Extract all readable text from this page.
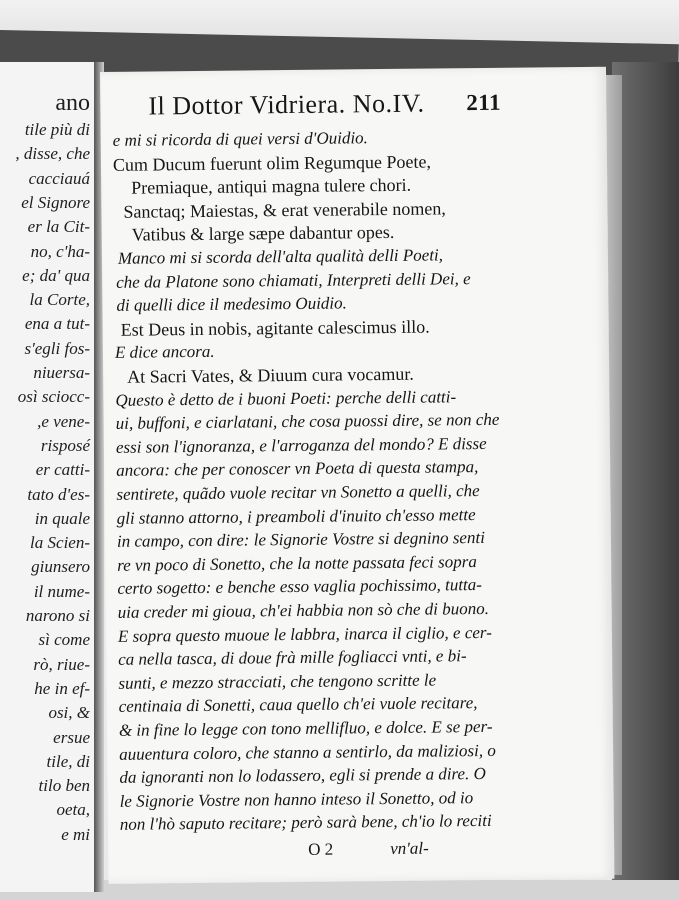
ano
tile più di
, disse, che
cacciauá
el Signore
er la Cit-
no, c'ha-
e; da' qua
la Corte,
ena a tut-
s'egli fos-
niuersa-
osì sciocc-
,e vene-
risposé
er catti-
tato d'es-
in quale
la Scien-
giunsero
il nume-
narono si
sì come
rò, riue-
he in ef-
osi, &
ersue
tile, di
tilo ben
oeta,
e mi
Il Dottor Vidriera. No.IV. 211
O 2	vn'al-
e mi si ricorda di quei versi d'Ouidio.
Cum Ducum fuerunt olim Regumque Poete,
Premiaque, antiqui magna tulere chori.
Sanctaq; Maiestas, & erat venerabile nomen,
Vatibus & large sæpe dabantur opes.
Manco mi si scorda dell'alta qualità delli Poeti,
che da Platone sono chiamati, Interpreti delli Dei, e
di quelli dice il medesimo Ouidio.
Est Deus in nobis, agitante calescimus illo.
E dice ancora.
At Sacri Vates, & Diuum cura vocamur.
Questo è detto de i buoni Poeti: perche delli catti-
ui, buffoni, e ciarlatani, che cosa puossi dire, se non che
essi son l'ignoranza, e l'arroganza del mondo? E disse
ancora: che per conoscer vn Poeta di questa stampa,
sentirete, quãdo vuole recitar vn Sonetto a quelli, che
gli stanno attorno, i preamboli d'inuito ch'esso mette
in campo, con dire: le Signorie Vostre si degnino senti
re vn poco di Sonetto, che la notte passata feci sopra
certo sogetto: e benche esso vaglia pochissimo, tutta-
uia creder mi gioua, ch'ei habbia non sò che di buono.
E sopra questo muoue le labbra, inarca il ciglio, e cer-
ca nella tasca, di doue frà mille fogliacci vnti, e bi-
sunti, e mezzo stracciati, che tengono scritte le
centinaia di Sonetti, caua quello ch'ei vuole recitare,
& in fine lo legge con tono mellifluo, e dolce. E se per-
auuentura coloro, che stanno a sentirlo, da maliziosi, o
da ignoranti non lo lodassero, egli si prende a dire. O
le Signorie Vostre non hanno inteso il Sonetto, od io
non l'hò saputo recitare; però sarà bene, ch'io lo reciti
